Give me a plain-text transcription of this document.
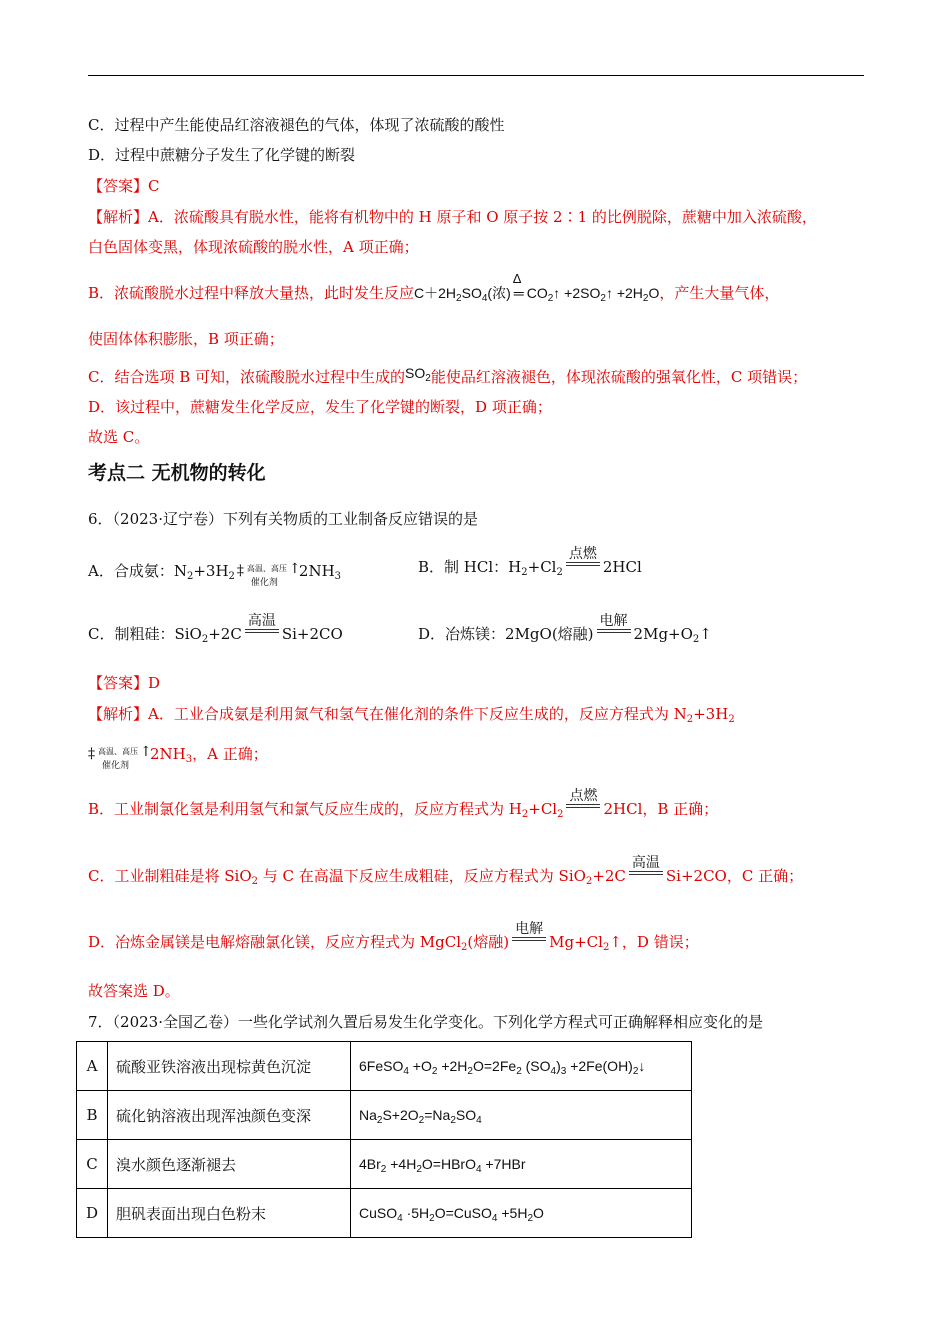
C．过程中产生能使品红溶液褪色的气体，体现了浓硫酸的酸性
D．过程中蔗糖分子发生了化学键的断裂
【答案】C
【解析】A．浓硫酸具有脱水性，能将有机物中的 H 原子和 O 原子按 2∶1 的比例脱除，蔗糖中加入浓硫酸，
白色固体变黑，体现浓硫酸的脱水性，A 项正确；
B．浓硫酸脱水过程中释放大量热，此时发生反应$C+2H_2SO_4$(浓)
Δ
═ $CO_2↑$ $+2SO_2↑ +2H_2O$，产生大量气体，
使固体体积膨胀，B 项正确；
C．结合选项 B 可知，浓硫酸脱水过程中生成的$SO_2$能使品红溶液褪色，体现浓硫酸的强氧化性，C 项错误；
D．该过程中，蔗糖发生化学反应，发生了化学键的断裂，D 项正确；
故选 C。
考点二 无机物的转化
6．（2023·辽宁卷）下列有关物质的工业制备反应错误的是
A．合成氨：$N_2+3H_2$ ‡ 高温、高压
催化剂
↑
$2NH_3$
B．制 HCl：$H_2+Cl_2$
点燃
2HCl
C．制粗硅：SiO$_2$+2C
高温
Si+2CO	D．冶炼镁：2MgO(熔融)
电解
$2Mg+O_2↑$
【答案】D
【解析】A．工业合成氨是利用氮气和氢气在催化剂的条件下反应生成的，反应方程式为 $N_2+3H_2$
‡ 高温、高压
催化剂
↑
$2NH_3$，A 正确；
B．工业制氯化氢是利用氢气和氯气反应生成的，反应方程式为 $H_2+Cl_2$
点燃
2HCl，B 正确；
C．工业制粗硅是将 SiO$_2$ 与 C 在高温下反应生成粗硅，反应方程式为 SiO$_2$+2C
高温
Si+2CO，C 正确；
D．冶炼金属镁是电解熔融氯化镁，反应方程式为 MgCl$_2$(熔融)
电解
$Mg+Cl_2↑$，D 错误；
故答案选 D。
7．（2023·全国乙卷）一些化学试剂久置后易发生化学变化。下列化学方程式可正确解释相应变化的是
A	硫酸亚铁溶液出现棕黄色沉淀	6FeSO$_4$ $+O_2 +2H_2O=2Fe_2$ $(SO_4)_3$ $+2Fe(OH)_2↓$
B	硫化钠溶液出现浑浊颜色变深	$Na_2S+2O_2=Na_2SO_4$
C	溴水颜色逐渐褪去	$4Br_2$ $+4H_2O=HBrO_4 +7HBr$
D	胆矾表面出现白色粉末	CuSO$_4$ $\cdot 5H_2O=CuSO_4 +5H_2O$
